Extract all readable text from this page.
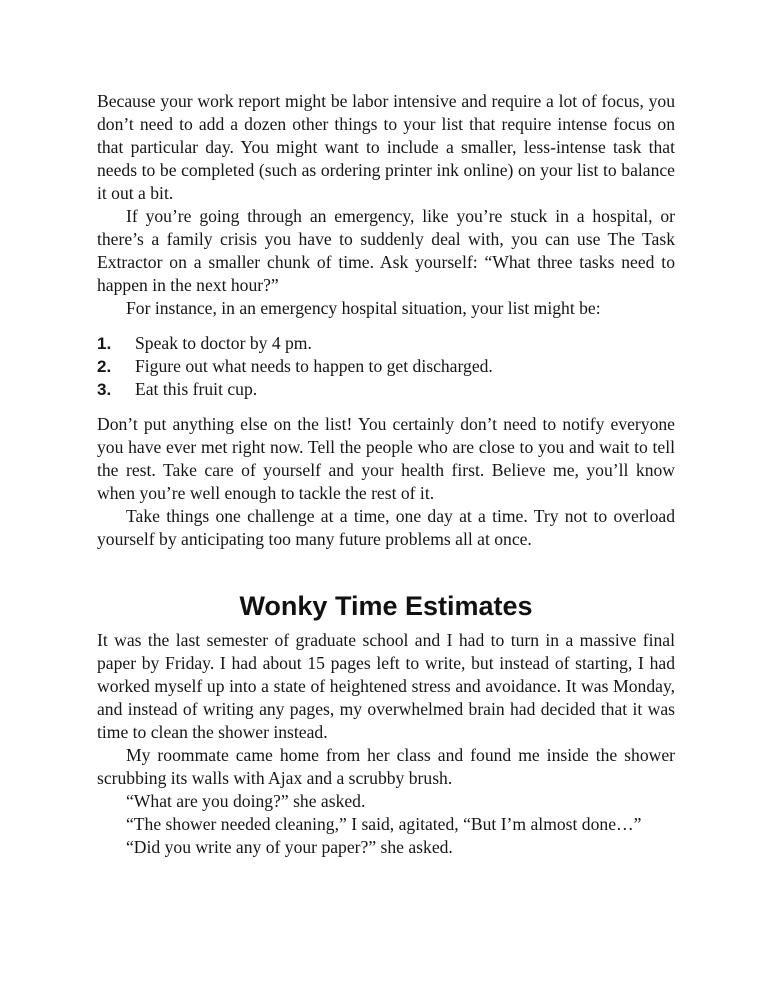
Because your work report might be labor intensive and require a lot of focus, you don’t need to add a dozen other things to your list that require intense focus on that particular day. You might want to include a smaller, less-intense task that needs to be completed (such as ordering printer ink online) on your list to balance it out a bit.

If you’re going through an emergency, like you’re stuck in a hospital, or there’s a family crisis you have to suddenly deal with, you can use The Task Extractor on a smaller chunk of time. Ask yourself: “What three tasks need to happen in the next hour?”

For instance, in an emergency hospital situation, your list might be:

1.	Speak to doctor by 4 pm.
2.	Figure out what needs to happen to get discharged.
3.	Eat this fruit cup.

Don’t put anything else on the list! You certainly don’t need to notify everyone you have ever met right now. Tell the people who are close to you and wait to tell the rest. Take care of yourself and your health first. Believe me, you’ll know when you’re well enough to tackle the rest of it.

Take things one challenge at a time, one day at a time. Try not to overload yourself by anticipating too many future problems all at once.

Wonky Time Estimates

It was the last semester of graduate school and I had to turn in a massive final paper by Friday. I had about 15 pages left to write, but instead of starting, I had worked myself up into a state of heightened stress and avoidance. It was Monday, and instead of writing any pages, my overwhelmed brain had decided that it was time to clean the shower instead.

My roommate came home from her class and found me inside the shower scrubbing its walls with Ajax and a scrubby brush.

“What are you doing?” she asked.

“The shower needed cleaning,” I said, agitated, “But I’m almost done…”

“Did you write any of your paper?” she asked.
